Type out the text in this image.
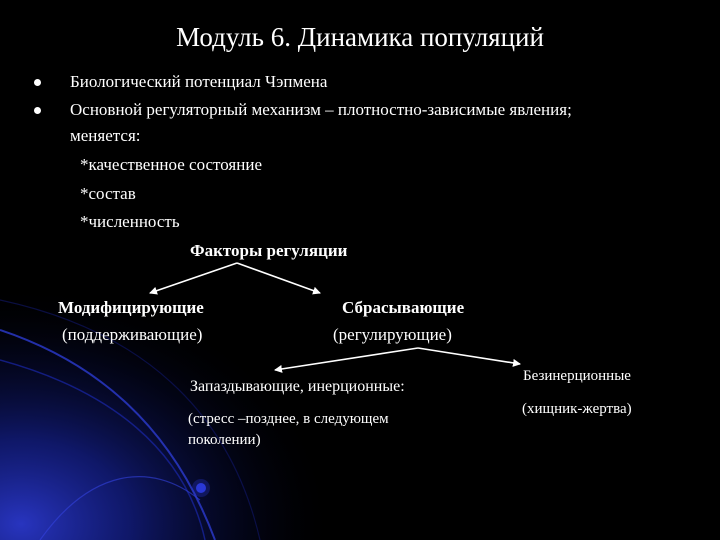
Модуль 6. Динамика популяций
Биологический потенциал Чэпмена
Основной регуляторный механизм – плотностно-зависимые явления;
меняется:
*качественное состояние
*состав
*численность
Факторы регуляции
Модифицирующие
(поддерживающие)
Сбрасывающие
(регулирующие)
Запаздывающие, инерционные:
(стресс –позднее, в следующем
поколении)
Безинерционные
(хищник-жертва)
